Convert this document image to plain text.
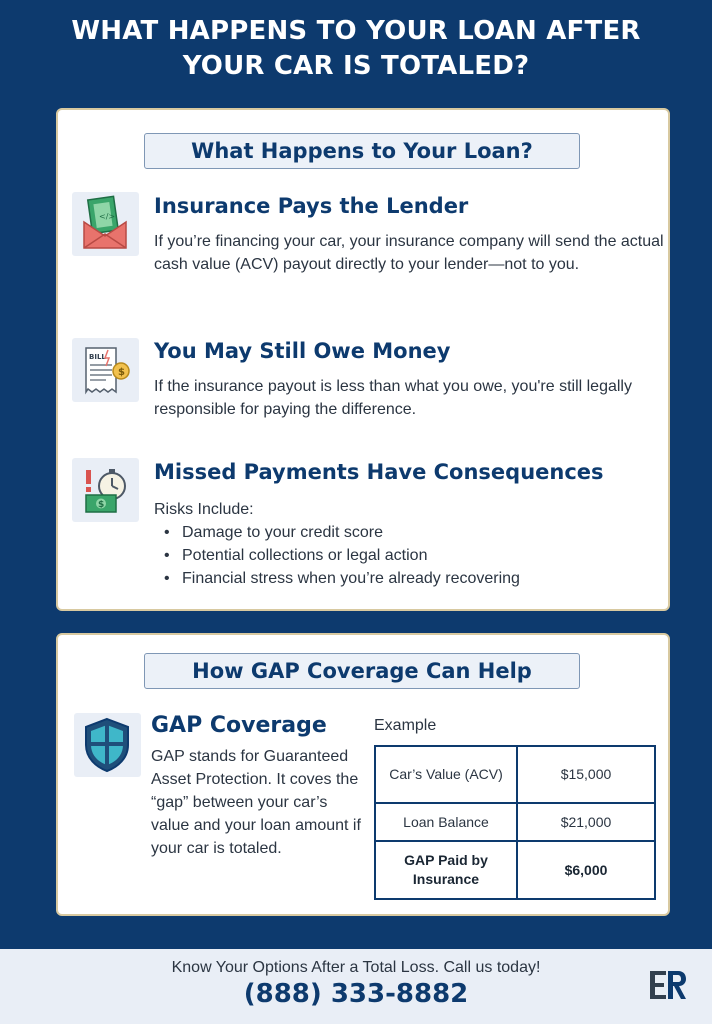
WHAT HAPPENS TO YOUR LOAN AFTER
YOUR CAR IS TOTALED?
What Happens to Your Loan?
</> Insurance Pays the Lender
If you’re financing your car, your insurance company will send the actual cash value (ACV) payout directly to your lender—not to you.
BILL
$
You May Still Owe Money
If the insurance payout is less than what you owe, you're still legally responsible for paying the difference.
$
Missed Payments Have Consequences
Risks Include:
• Damage to your credit score
• Potential collections or legal action
• Financial stress when you’re already recovering
How GAP Coverage Can Help
GAP Coverage
GAP stands for Guaranteed Asset Protection. It coves the “gap” between your car’s value and your loan amount if your car is totaled.
Example
Car’s Value (ACV)	$15,000
Loan Balance	$21,000
GAP Paid by Insurance	$6,000
Know Your Options After a Total Loss. Call us today!
(888) 333-8882
